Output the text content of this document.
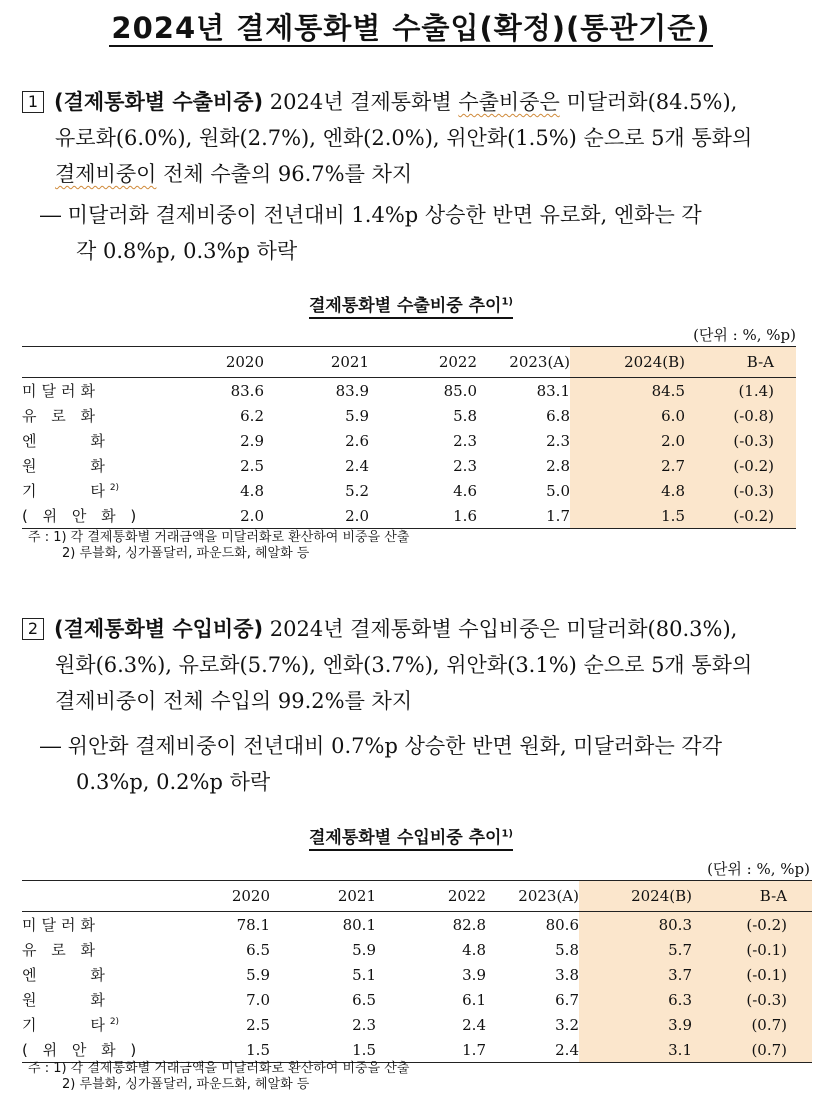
2024년 결제통화별 수출입(확정)(통관기준)
1 (결제통화별 수출비중) 2024년 결제통화별 수출비중은 미달러화(84.5%),
유로화(6.0%), 원화(2.7%), 엔화(2.0%), 위안화(1.5%) 순으로 5개 통화의
결제비중이 전체 수출의 96.7%를 차지
― 미달러화 결제비중이 전년대비 1.4%p 상승한 반면 유로화, 엔화는 각
각 0.8%p, 0.3%p 하락
결제통화별 수출비중 추이$^{1)}$
(단위 : %, %p)
	2020	2021	2022	2023(A)	2024(B)	B-A	
미달러화	83.6	83.9	85.0	83.1	84.5	(1.4)	
유 로 화	6.2	5.9	5.8	6.8	6.0	(-0.8)	
엔     화	2.9	2.6	2.3	2.3	2.0	(-0.3)	
원     화	2.5	2.4	2.3	2.8	2.7	(-0.2)	
기     타$^{2)}$	4.8	5.2	4.6	5.0	4.8	(-0.3)	
( 위 안 화 )	2.0	2.0	1.6	1.7	1.5	(-0.2)	
주 : 1) 각 결제통화별 거래금액을 미달러화로 환산하여 비중을 산출
2) 루블화, 싱가폴달러, 파운드화, 헤알화 등
2 (결제통화별 수입비중) 2024년 결제통화별 수입비중은 미달러화(80.3%),
원화(6.3%), 유로화(5.7%), 엔화(3.7%), 위안화(3.1%) 순으로 5개 통화의
결제비중이 전체 수입의 99.2%를 차지
― 위안화 결제비중이 전년대비 0.7%p 상승한 반면 원화, 미달러화는 각각
0.3%p, 0.2%p 하락
결제통화별 수입비중 추이$^{1)}$
(단위 : %, %p)
	2020	2021	2022	2023(A)	2024(B)	B-A	
미달러화	78.1	80.1	82.8	80.6	80.3	(-0.2)	
유 로 화	6.5	5.9	4.8	5.8	5.7	(-0.1)	
엔     화	5.9	5.1	3.9	3.8	3.7	(-0.1)	
원     화	7.0	6.5	6.1	6.7	6.3	(-0.3)	
기     타$^{2)}$	2.5	2.3	2.4	3.2	3.9	(0.7)	
( 위 안 화 )	1.5	1.5	1.7	2.4	3.1	(0.7)	
주 : 1) 각 결제통화별 거래금액을 미달러화로 환산하여 비중을 산출
2) 루블화, 싱가폴달러, 파운드화, 헤알화 등
